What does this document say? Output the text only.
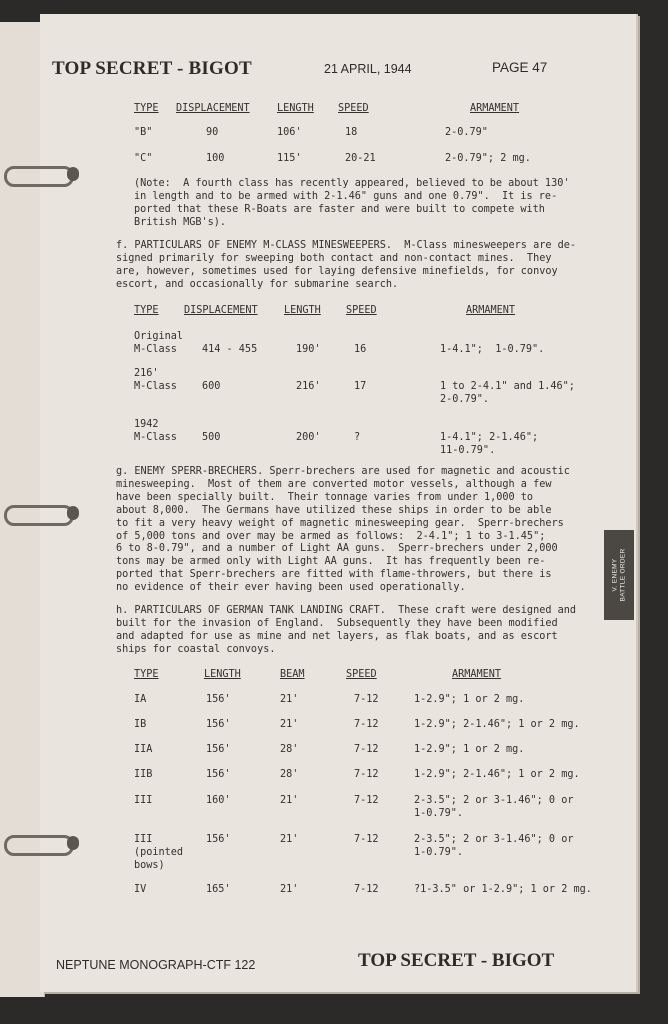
V. ENEMY BATTLE ORDER
TOP SECRET - BIGOT	21 APRIL, 1944	PAGE 47
TYPE DISPLACEMENT	LENGTH SPEED	ARMAMENT
"B"	90	106'	18	2-0.79"
"C"	100	115'	20-21	2-0.79"; 2 mg.
(Note:  A fourth class has recently appeared, believed to be about 130'
in length and to be armed with 2-1.46" guns and one 0.79".  It is re-
ported that these R-Boats are faster and were built to compete with
British MGB's).
f. PARTICULARS OF ENEMY M-CLASS MINESWEEPERS.  M-Class minesweepers are de-
signed primarily for sweeping both contact and non-contact mines.  They
are, however, sometimes used for laying defensive minefields, for convoy
escort, and occasionally for submarine search.
TYPE DISPLACEMENT	LENGTH SPEED	ARMAMENT
Original
M-Class 414 - 455	190'	16	1-4.1";  1-0.79".
216'
M-Class 600	216'	17	1 to 2-4.1" and 1.46";
2-0.79".
1942
M-Class 500	200'	?	1-4.1"; 2-1.46";
11-0.79".
g. ENEMY SPERR-BRECHERS. Sperr-brechers are used for magnetic and acoustic
minesweeping.  Most of them are converted motor vessels, although a few
have been specially built.  Their tonnage varies from under 1,000 to
about 8,000.  The Germans have utilized these ships in order to be able
to fit a very heavy weight of magnetic minesweeping gear.  Sperr-brechers
of 5,000 tons and over may be armed as follows:  2-4.1"; 1 to 3-1.45";
6 to 8-0.79", and a number of Light AA guns.  Sperr-brechers under 2,000
tons may be armed only with Light AA guns.  It has frequently been re-
ported that Sperr-brechers are fitted with flame-throwers, but there is
no evidence of their ever having been used operationally.
h. PARTICULARS OF GERMAN TANK LANDING CRAFT.  These craft were designed and
built for the invasion of England.  Subsequently they have been modified
and adapted for use as mine and net layers, as flak boats, and as escort
ships for coastal convoys.
TYPE	LENGTH	BEAM	SPEED	ARMAMENT
IA	156'	21'	7-12	1-2.9"; 1 or 2 mg.
IB	156'	21'	7-12	1-2.9"; 2-1.46"; 1 or 2 mg.
IIA	156'	28'	7-12	1-2.9"; 1 or 2 mg.
IIB	156'	28'	7-12	1-2.9"; 2-1.46"; 1 or 2 mg.
III	160'	21'	7-12	2-3.5"; 2 or 3-1.46"; 0 or
1-0.79".
III
(pointed
bows)
156'	21'	7-12	2-3.5"; 2 or 3-1.46"; 0 or
1-0.79".
IV	165'	21'	7-12	?1-3.5" or 1-2.9"; 1 or 2 mg.
NEPTUNE MONOGRAPH-CTF 122	TOP SECRET - BIGOT
